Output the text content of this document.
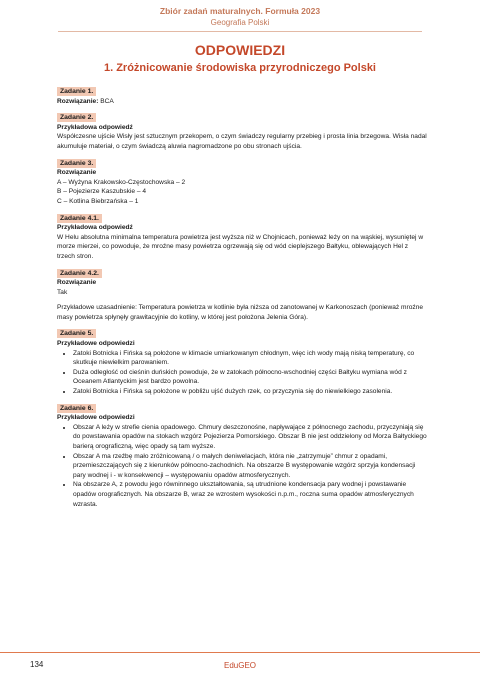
Zbiór zadań maturalnych. Formuła 2023
Geografia Polski
ODPOWIEDZI
1. Zróżnicowanie środowiska przyrodniczego Polski
Zadanie 1.

Rozwiązanie: BCA

Zadanie 2.

Przykładowa odpowiedź

Współczesne ujście Wisły jest sztucznym przekopem, o czym świadczy regularny przebieg i prosta linia brzegowa. Wisła nadal akumuluje materiał, o czym świadczą aluwia nagromadzone po obu stronach ujścia.

Zadanie 3.

Rozwiązanie

A – Wyżyna Krakowsko-Częstochowska – 2

B – Pojezierze Kaszubskie – 4

C – Kotlina Biebrzańska – 1

Zadanie 4.1.

Przykładowa odpowiedź

W Helu absolutna minimalna temperatura powietrza jest wyższa niż w Chojnicach, ponieważ leży on na wąskiej, wysuniętej w morze mierzei, co powoduje, że mroźne masy powietrza ogrzewają się od wód cieplejszego Bałtyku, oblewających Hel z trzech stron.

Zadanie 4.2.

Rozwiązanie

Tak

Przykładowe uzasadnienie: Temperatura powietrza w kotlinie była niższa od zanotowanej w Karkonoszach (ponieważ mroźne masy powietrza spłynęły grawitacyjnie do kotliny, w której jest położona Jelenia Góra).

Zadanie 5.

Przykładowe odpowiedzi

• Zatoki Botnicka i Fińska są położone w klimacie umiarkowanym chłodnym, więc ich wody mają niską temperaturę, co skutkuje niewielkim parowaniem.
• Duża odległość od cieśnin duńskich powoduje, że w zatokach północno-wschodniej części Bałtyku wymiana wód z Oceanem Atlantyckim jest bardzo powolna.
• Zatoki Botnicka i Fińska są położone w pobliżu ujść dużych rzek, co przyczynia się do niewielkiego zasolenia.
Zadanie 6.

Przykładowe odpowiedzi

• Obszar A leży w strefie cienia opadowego. Chmury deszczonośne, napływające z północnego zachodu, przyczyniają się do powstawania opadów na stokach wzgórz Pojezierza Pomorskiego. Obszar B nie jest oddzielony od Morza Bałtyckiego barierą orograficzną, więc opady są tam wyższe.
• Obszar A ma rzeźbę mało zróżnicowaną / o małych deniwelacjach, która nie „zatrzymuje” chmur z opadami, przemieszczających się z kierunków północno-zachodnich. Na obszarze B występowanie wzgórz sprzyja kondensacji pary wodnej i - w konsekwencji – występowaniu opadów atmosferycznych.
• Na obszarze A, z powodu jego równinnego ukształtowania, są utrudnione kondensacja pary wodnej i powstawanie opadów orograficznych. Na obszarze B, wraz ze wzrostem wysokości n.p.m., roczna suma opadów atmosferycznych wzrasta.
134	EduGEO
